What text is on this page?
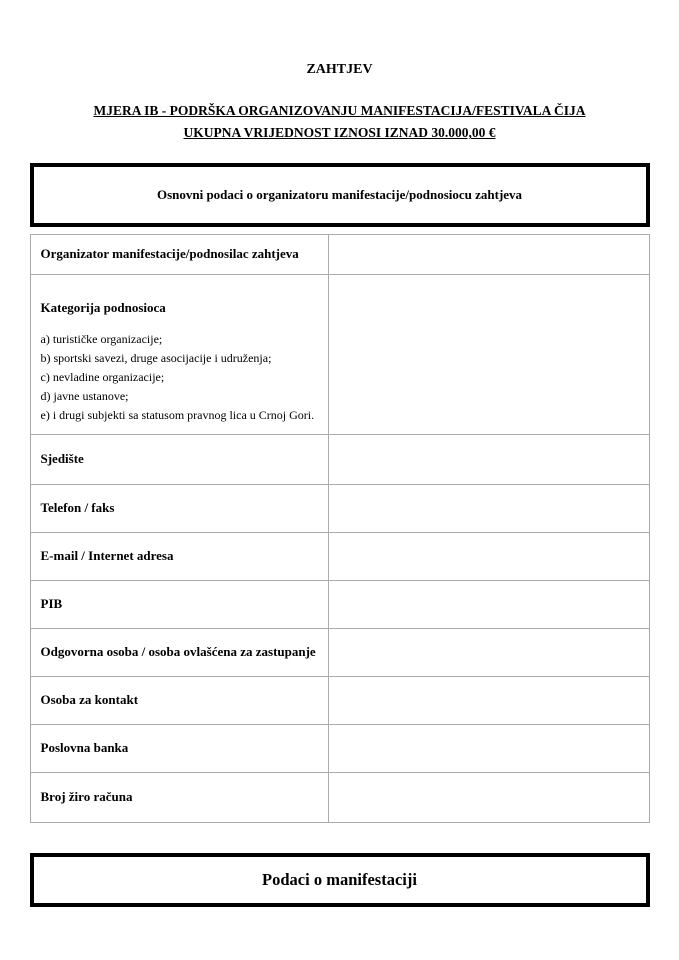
ZAHTJEV
MJERA IB - PODRŠKA ORGANIZOVANJU MANIFESTACIJA/FESTIVALA ČIJA
UKUPNA VRIJEDNOST IZNOSI IZNAD 30.000,00 €
Osnovni podaci o organizatoru manifestacije/podnosiocu zahtjeva
Organizator manifestacije/podnosilac zahtjeva
Kategorija podnosioca
a) turističke organizacije;
b) sportski savezi, druge asocijacije i udruženja;
c) nevladine organizacije;
d) javne ustanove;
e) i drugi subjekti sa statusom pravnog lica u Crnoj Gori.
Sjedište
Telefon / faks
E-mail / Internet adresa
PIB
Odgovorna osoba / osoba ovlašćena za zastupanje
Osoba za kontakt
Poslovna banka
Broj žiro računa
Podaci o manifestaciji
